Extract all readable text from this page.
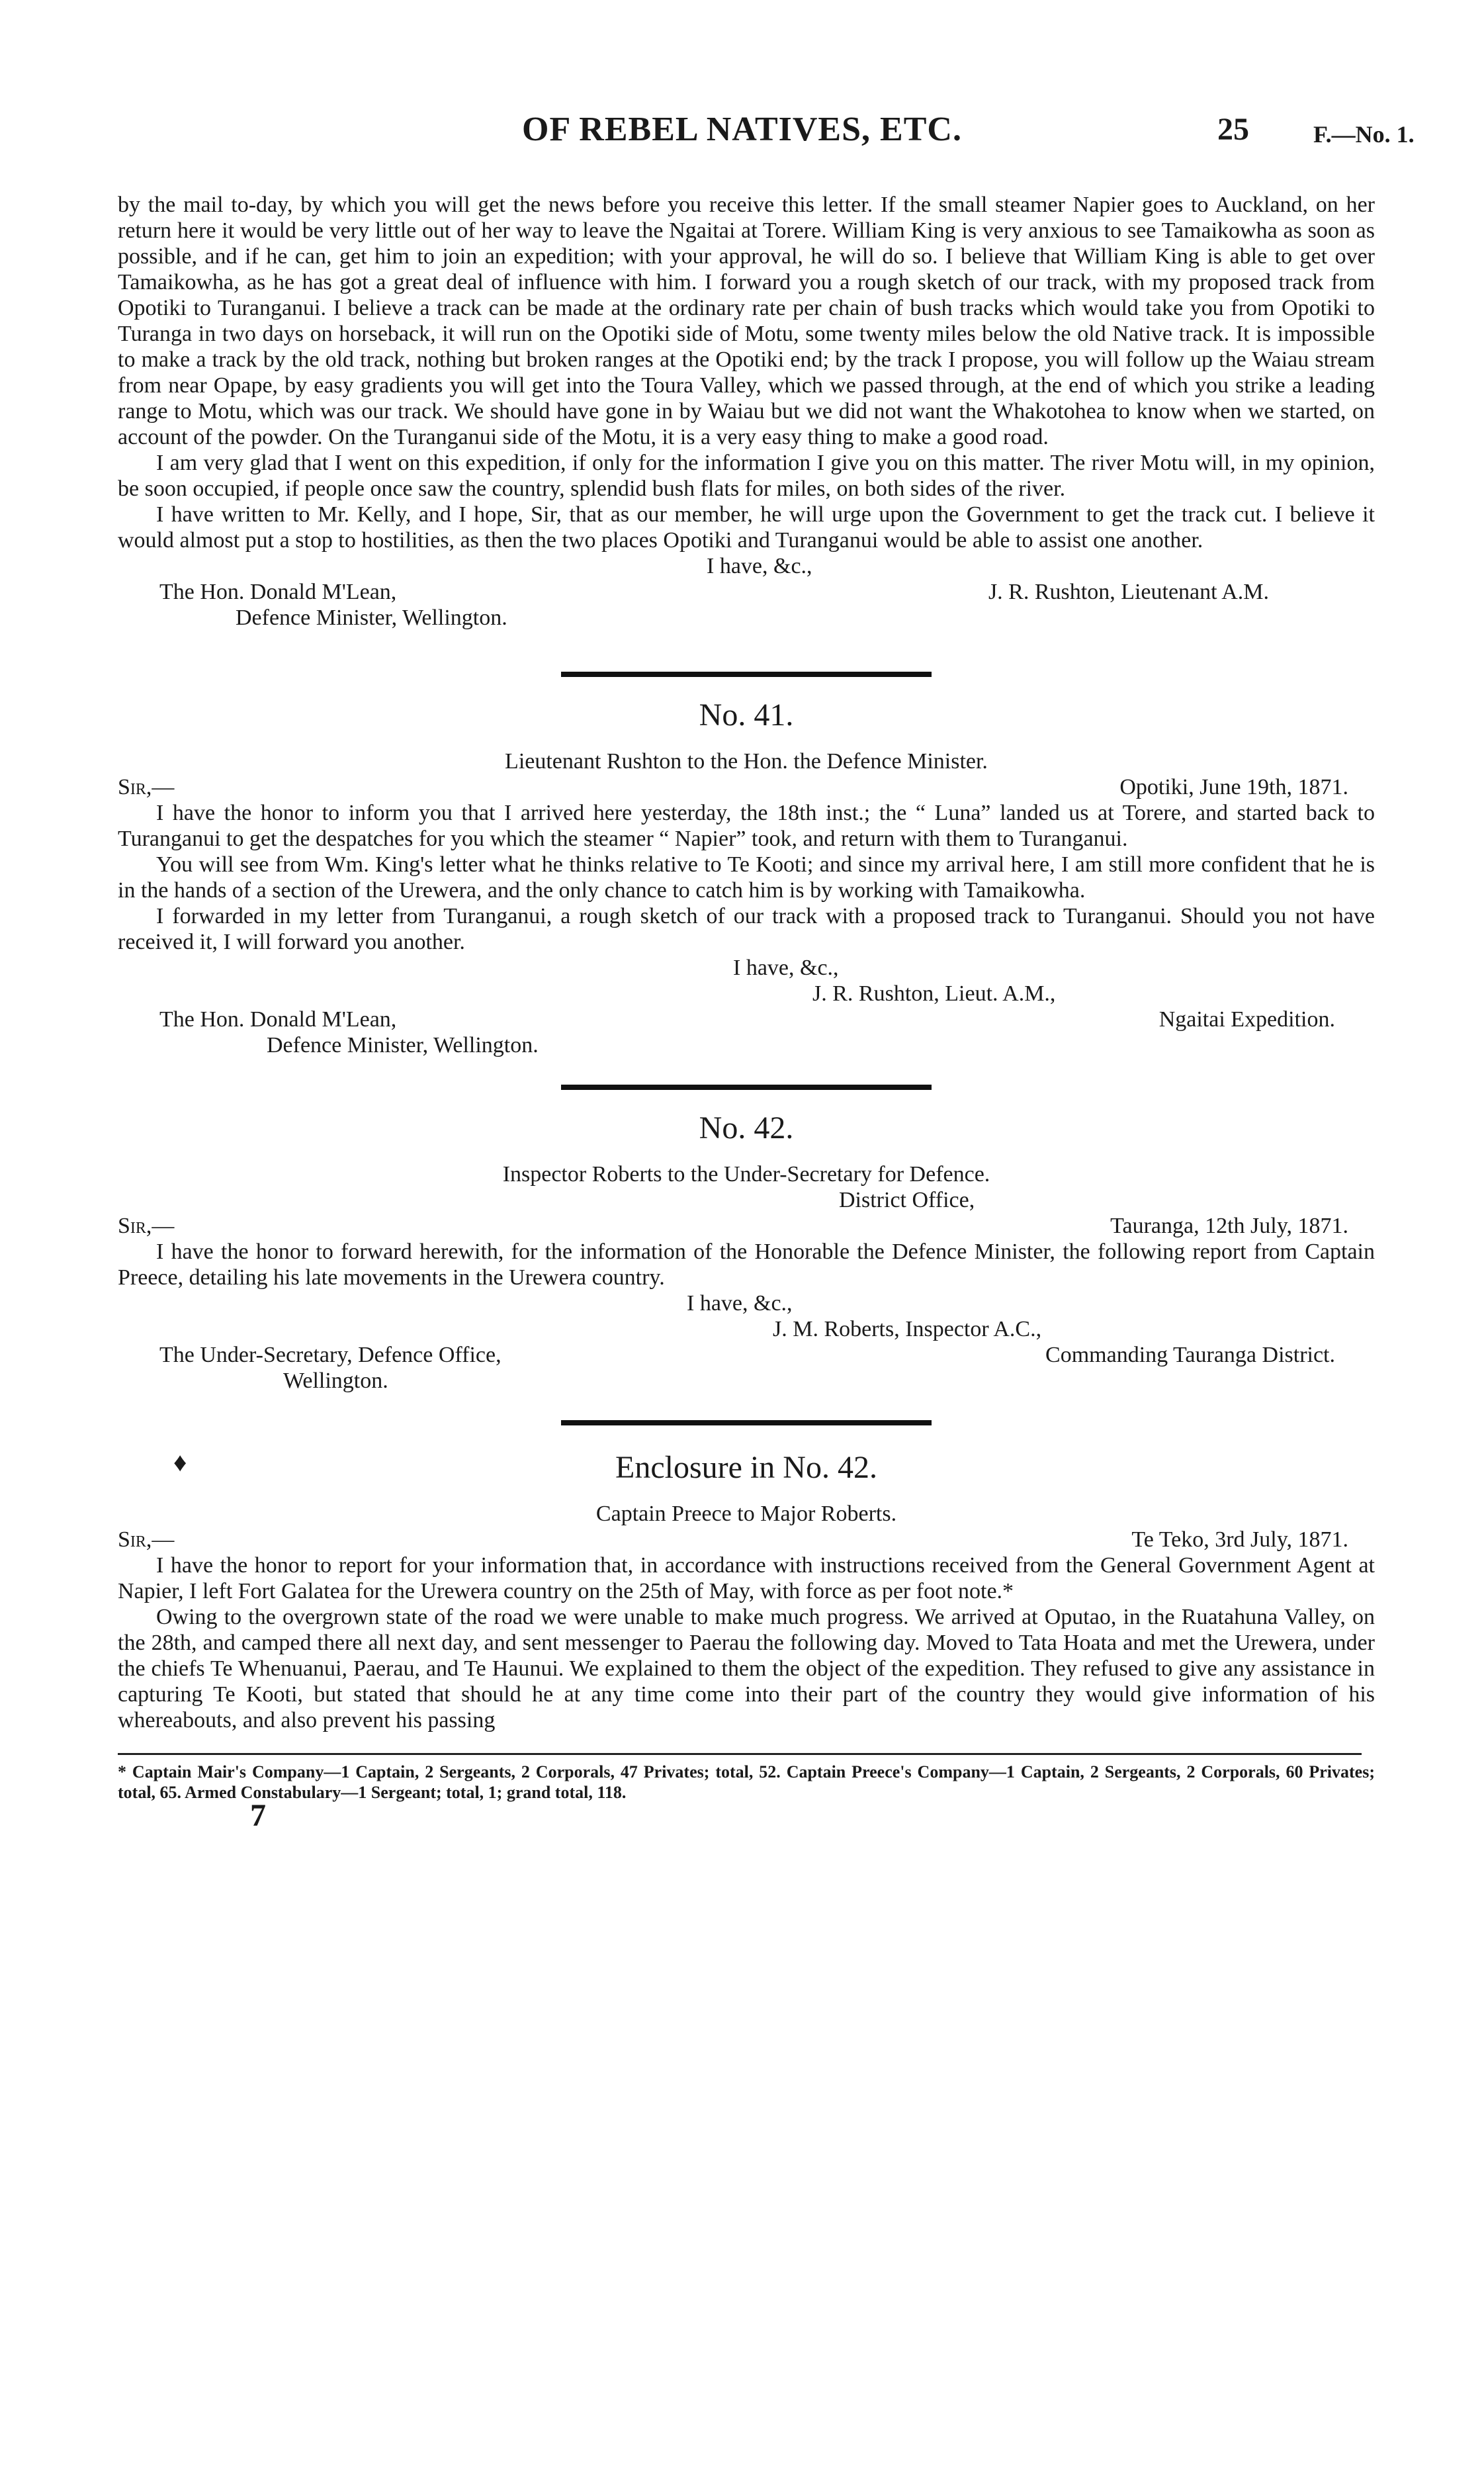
OF REBEL NATIVES, ETC.	25	F.—No. 1.

by the mail to-day, by which you will get the news before you receive this letter. If the small steamer Napier goes to Auckland, on her return here it would be very little out of her way to leave the Ngaitai at Torere. William King is very anxious to see Tamaikowha as soon as possible, and if he can, get him to join an expedition; with your approval, he will do so. I believe that William King is able to get over Tamaikowha, as he has got a great deal of influence with him. I forward you a rough sketch of our track, with my proposed track from Opotiki to Turanganui. I believe a track can be made at the ordinary rate per chain of bush tracks which would take you from Opotiki to Turanga in two days on horseback, it will run on the Opotiki side of Motu, some twenty miles below the old Native track. It is impossible to make a track by the old track, nothing but broken ranges at the Opotiki end; by the track I propose, you will follow up the Waiau stream from near Opape, by easy gradients you will get into the Toura Valley, which we passed through, at the end of which you strike a leading range to Motu, which was our track. We should have gone in by Waiau but we did not want the Whakotohea to know when we started, on account of the powder. On the Turanganui side of the Motu, it is a very easy thing to make a good road.

I am very glad that I went on this expedition, if only for the information I give you on this matter. The river Motu will, in my opinion, be soon occupied, if people once saw the country, splendid bush flats for miles, on both sides of the river.

I have written to Mr. Kelly, and I hope, Sir, that as our member, he will urge upon the Government to get the track cut. I believe it would almost put a stop to hostilities, as then the two places Opotiki and Turanganui would be able to assist one another.

I have, &c.,

The Hon. Donald M'Lean,	J. R. Rushton, Lieutenant A.M.

Defence Minister, Wellington.

No. 41.
Lieutenant Rushton to the Hon. the Defence Minister.
Sir,—	Opotiki, June 19th, 1871.

I have the honor to inform you that I arrived here yesterday, the 18th inst.; the “ Luna” landed us at Torere, and started back to Turanganui to get the despatches for you which the steamer “ Napier” took, and return with them to Turanganui.

You will see from Wm. King's letter what he thinks relative to Te Kooti; and since my arrival here, I am still more confident that he is in the hands of a section of the Urewera, and the only chance to catch him is by working with Tamaikowha.

I forwarded in my letter from Turanganui, a rough sketch of our track with a proposed track to Turanganui. Should you not have received it, I will forward you another.

I have, &c.,

J. R. Rushton, Lieut. A.M.,

The Hon. Donald M'Lean,	Ngaitai Expedition.

Defence Minister, Wellington.

No. 42.
Inspector Roberts to the Under-Secretary for Defence.

District Office,

Sir,—	Tauranga, 12th July, 1871.

I have the honor to forward herewith, for the information of the Honorable the Defence Minister, the following report from Captain Preece, detailing his late movements in the Urewera country.

I have, &c.,

J. M. Roberts, Inspector A.C.,

The Under-Secretary, Defence Office,	Commanding Tauranga District.

Wellington.

♦	Enclosure in No. 42.
Captain Preece to Major Roberts.
Sir,—	Te Teko, 3rd July, 1871.

I have the honor to report for your information that, in accordance with instructions received from the General Government Agent at Napier, I left Fort Galatea for the Urewera country on the 25th of May, with force as per foot note.*

Owing to the overgrown state of the road we were unable to make much progress. We arrived at Oputao, in the Ruatahuna Valley, on the 28th, and camped there all next day, and sent messenger to Paerau the following day. Moved to Tata Hoata and met the Urewera, under the chiefs Te Whenuanui, Paerau, and Te Haunui. We explained to them the object of the expedition. They refused to give any assistance in capturing Te Kooti, but stated that should he at any time come into their part of the country they would give information of his whereabouts, and also prevent his passing

* Captain Mair's Company—1 Captain, 2 Sergeants, 2 Corporals, 47 Privates; total, 52. Captain Preece's Company—1 Captain, 2 Sergeants, 2 Corporals, 60 Privates; total, 65. Armed Constabulary—1 Sergeant; total, 1; grand total, 118.

7
